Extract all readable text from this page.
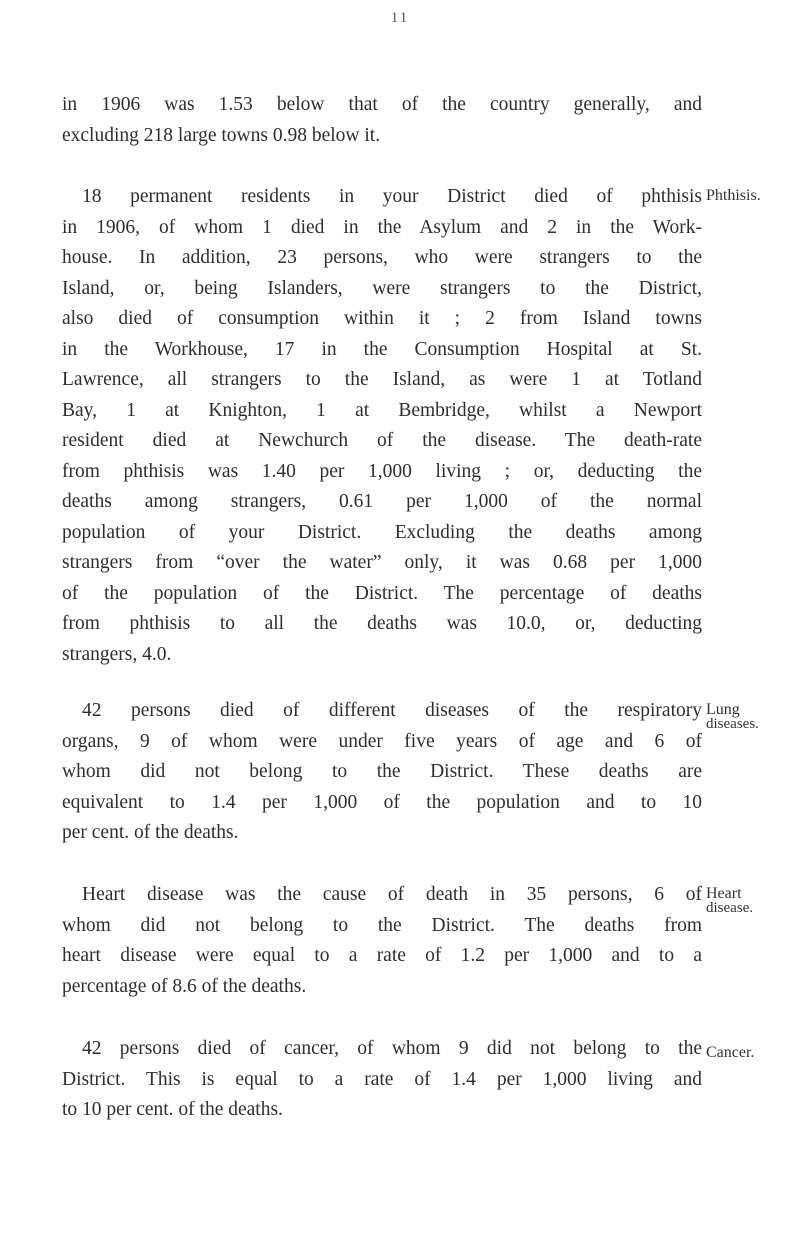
11
in 1906 was 1.53 below that of the country generally, and
excluding 218 large towns 0.98 below it.
18 permanent residents in your District died of phthisis
in 1906, of whom 1 died in the Asylum and 2 in the Work-
house. In addition, 23 persons, who were strangers to the
Island, or, being Islanders, were strangers to the District,
also died of consumption within it ; 2 from Island towns
in the Workhouse, 17 in the Consumption Hospital at St.
Lawrence, all strangers to the Island, as were 1 at Totland
Bay, 1 at Knighton, 1 at Bembridge, whilst a Newport
resident died at Newchurch of the disease. The death-rate
from phthisis was 1.40 per 1,000 living ; or, deducting the
deaths among strangers, 0.61 per 1,000 of the normal
population of your District. Excluding the deaths among
strangers from “over the water” only, it was 0.68 per 1,000
of the population of the District. The percentage of deaths
from phthisis to all the deaths was 10.0, or, deducting
strangers, 4.0.
Phthisis.
42 persons died of different diseases of the respiratory
organs, 9 of whom were under five years of age and 6 of
whom did not belong to the District. These deaths are
equivalent to 1.4 per 1,000 of the population and to 10
per cent. of the deaths.
Lung
diseases.
Heart disease was the cause of death in 35 persons, 6 of
whom did not belong to the District. The deaths from
heart disease were equal to a rate of 1.2 per 1,000 and to a
percentage of 8.6 of the deaths.
Heart
disease.
42 persons died of cancer, of whom 9 did not belong to the
District. This is equal to a rate of 1.4 per 1,000 living and
to 10 per cent. of the deaths.
Cancer.
